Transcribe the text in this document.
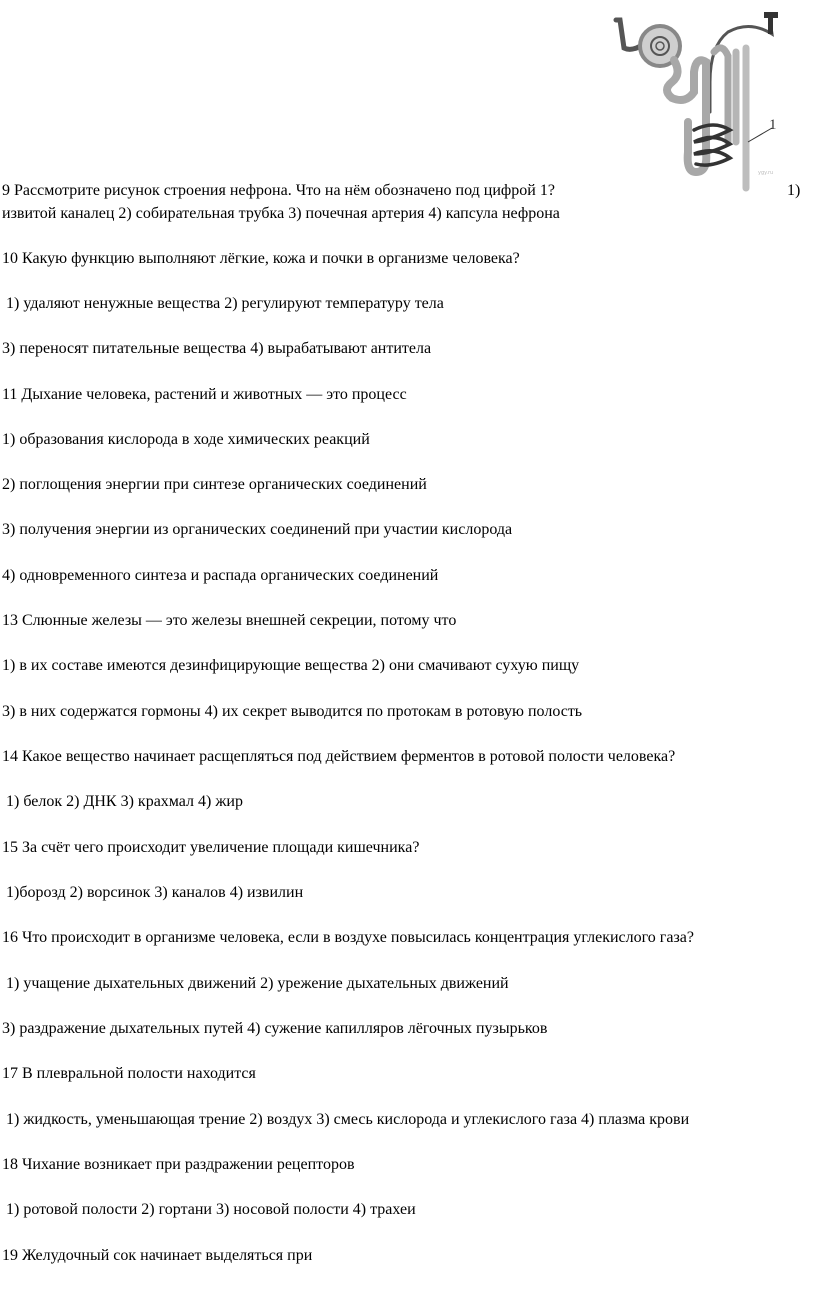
1
ygy.ru
9 Рассмотрите рисунок строения нефрона. Что на нём обозначено под цифрой 1?	1)
извитой каналец 2) собирательная трубка 3) почечная артерия 4) капсула нефрона
10 Какую функцию выполняют лёгкие, кожа и почки в организме человека?
1) удаляют ненужные вещества 2) регулируют температуру тела
3) переносят питательные вещества 4) вырабатывают антитела
11 Дыхание человека, растений и животных — это процесс
1) образования кислорода в ходе химических реакций
2) поглощения энергии при синтезе органических соединений
3) получения энергии из органических соединений при участии кислорода
4) одновременного синтеза и распада органических соединений
13 Слюнные железы — это железы внешней секреции, потому что
1) в их составе имеются дезинфицирующие вещества 2) они смачивают сухую пищу
3) в них содержатся гормоны 4) их секрет выводится по протокам в ротовую полость
14 Какое вещество начинает расщепляться под действием ферментов в ротовой полости человека?
1) белок 2) ДНК 3) крахмал 4) жир
15 За счёт чего происходит увеличение площади кишечника?
1)борозд 2) ворсинок 3) каналов 4) извилин
16 Что происходит в организме человека, если в воздухе повысилась концентрация углекислого газа?
1) учащение дыхательных движений 2) урежение дыхательных движений
3) раздражение дыхательных путей 4) сужение капилляров лёгочных пузырьков
17 В плевральной полости находится
1) жидкость, уменьшающая трение 2) воздух 3) смесь кислорода и углекислого газа 4) плазма крови
18 Чихание возникает при раздражении рецепторов
1) ротовой полости 2) гортани 3) носовой полости 4) трахеи
19 Желудочный сок начинает выделяться при
